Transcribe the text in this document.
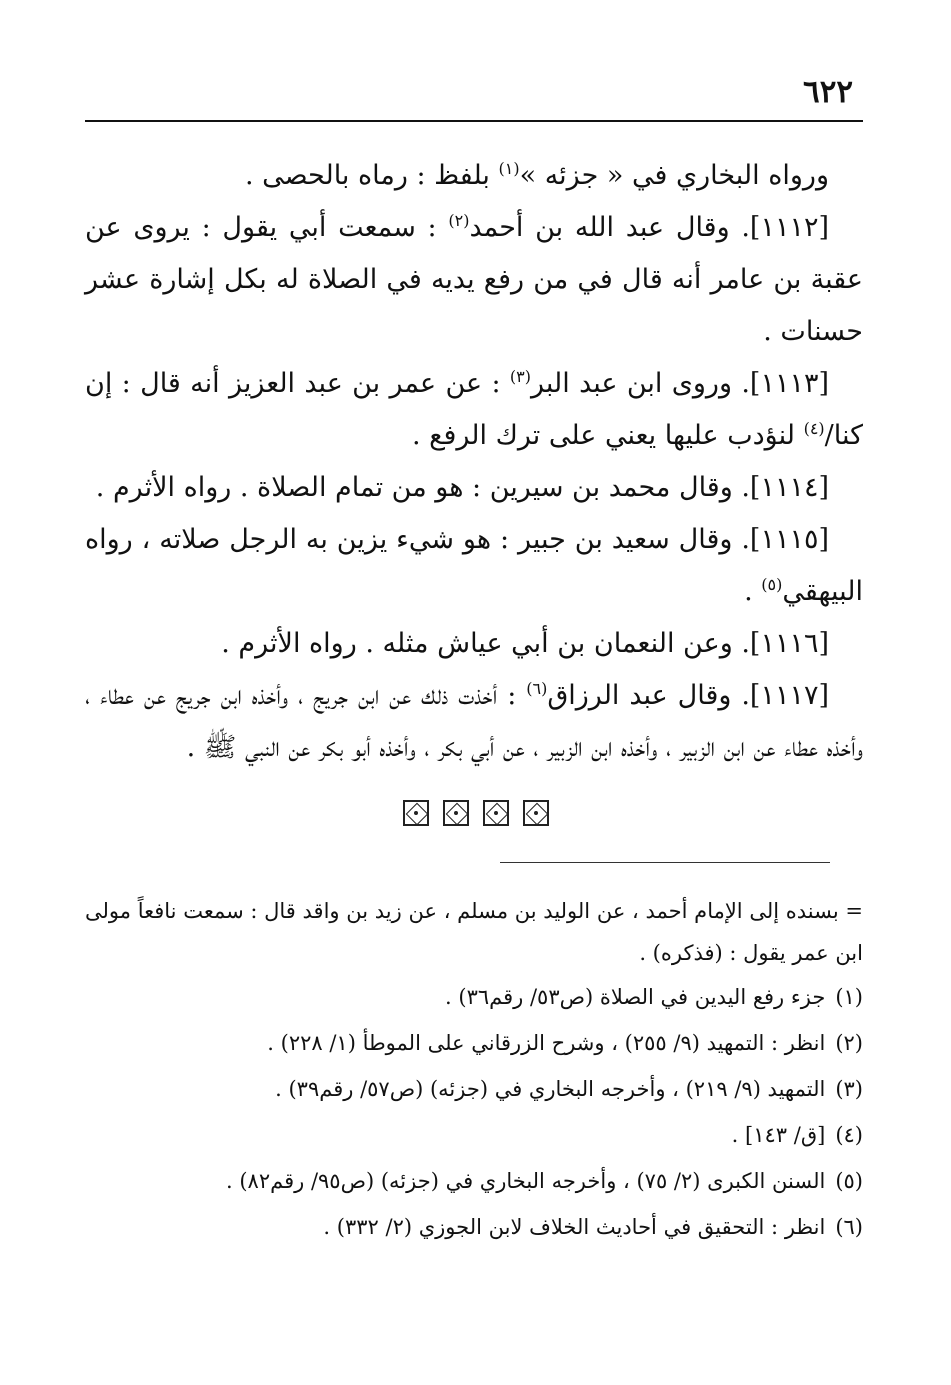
٦٢٢

ورواه البخاري في « جزئه »$^{(١)}$ بلفظ : رماه بالحصى .

[١١١٢]. وقال عبد الله بن أحمد$^{(٢)}$ : سمعت أبي يقول : يروى عن عقبة بن عامر أنه قال في من رفع يديه في الصلاة له بكل إشارة عشر حسنات .

[١١١٣]. وروى ابن عبد البر$^{(٣)}$ : عن عمر بن عبد العزيز أنه قال : إن كنا/$^{(٤)}$ لنؤدب عليها يعني على ترك الرفع .

[١١١٤]. وقال محمد بن سيرين : هو من تمام الصلاة . رواه الأثرم .

[١١١٥]. وقال سعيد بن جبير : هو شيء يزين به الرجل صلاته ، رواه البيهقي$^{(٥)}$ .

[١١١٦]. وعن النعمان بن أبي عياش مثله . رواه الأثرم .

[١١١٧]. وقال عبد الرزاق$^{(٦)}$ : أخذت ذلك عن ابن جريج ، وأخذه ابن جريج عن عطاء ، وأخذه عطاء عن ابن الزبير ، وأخذه ابن الزبير ، عن أبي بكر ، وأخذه أبو بكر عن النبي ﷺ .

= بسنده إلى الإمام أحمد ، عن الوليد بن مسلم ، عن زيد بن واقد قال : سمعت نافعاً مولى ابن عمر يقول : (فذكره) .

(١)جزء رفع اليدين في الصلاة (ص٥٣/ رقم٣٦) .

(٢)انظر : التمهيد (٩/ ٢٥٥) ، وشرح الزرقاني على الموطأ (١/ ٢٢٨) .

(٣)التمهيد (٩/ ٢١٩) ، وأخرجه البخاري في (جزئه) (ص٥٧/ رقم٣٩) .

(٤)[ق/ ١٤٣] .

(٥)السنن الكبرى (٢/ ٧٥) ، وأخرجه البخاري في (جزئه) (ص٩٥/ رقم٨٢) .

(٦)انظر : التحقيق في أحاديث الخلاف لابن الجوزي (٢/ ٣٣٢) .
